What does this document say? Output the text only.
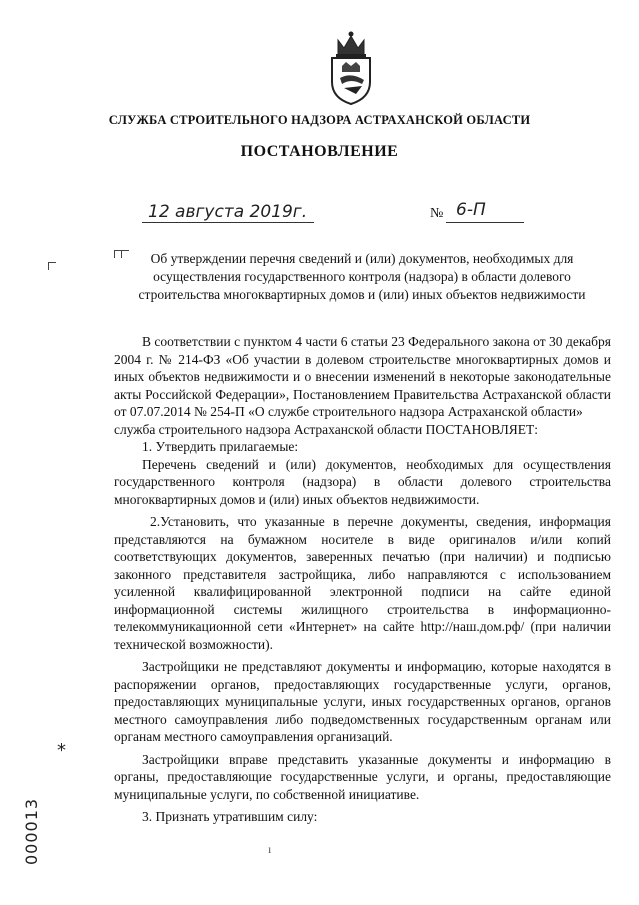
СЛУЖБА СТРОИТЕЛЬНОГО НАДЗОРА АСТРАХАНСКОЙ ОБЛАСТИ
ПОСТАНОВЛЕНИЕ
12 августа 2019г.	№ 6-П
Об утверждении перечня сведений и (или) документов, необходимых для осуществления государственного контроля (надзора) в области долевого строительства многоквартирных домов и (или) иных объектов недвижимости

В соответствии с пунктом 4 части 6 статьи 23 Федерального закона от 30 декабря 2004 г. № 214-ФЗ «Об участии в долевом строительстве многоквартирных домов и иных объектов недвижимости и о внесении изменений в некоторые законодательные акты Российской Федерации», Постановлением Правительства Астраханской области от 07.07.2014 № 254-П «О службе строительного надзора Астраханской области»

служба строительного надзора Астраханской области ПОСТАНОВЛЯЕТ:

1. Утвердить прилагаемые:

Перечень сведений и (или) документов, необходимых для осуществления государственного контроля (надзора) в области долевого строительства многоквартирных домов и (или) иных объектов недвижимости.

2.Установить, что указанные в перечне документы, сведения, информация представляются на бумажном носителе в виде оригиналов и/или копий соответствующих документов, заверенных печатью (при наличии) и подписью законного представителя застройщика, либо направляются с использованием усиленной квалифицированной электронной подписи на сайте единой информационной системы жилищного строительства в информационно-телекоммуникационной сети «Интернет» на сайте http://наш.дом.рф/ (при наличии технической возможности).

Застройщики не представляют документы и информацию, которые находятся в распоряжении органов, предоставляющих государственные услуги, органов, предоставляющих муниципальные услуги, иных государственных органов, органов местного самоуправления либо подведомственных государственным органам или органам местного самоуправления организаций.

Застройщики вправе представить указанные документы и информацию в органы, предоставляющие государственные услуги, и органы, предоставляющие муниципальные услуги, по собственной инициативе.

3. Признать утратившим силу:

000013
*
ı
